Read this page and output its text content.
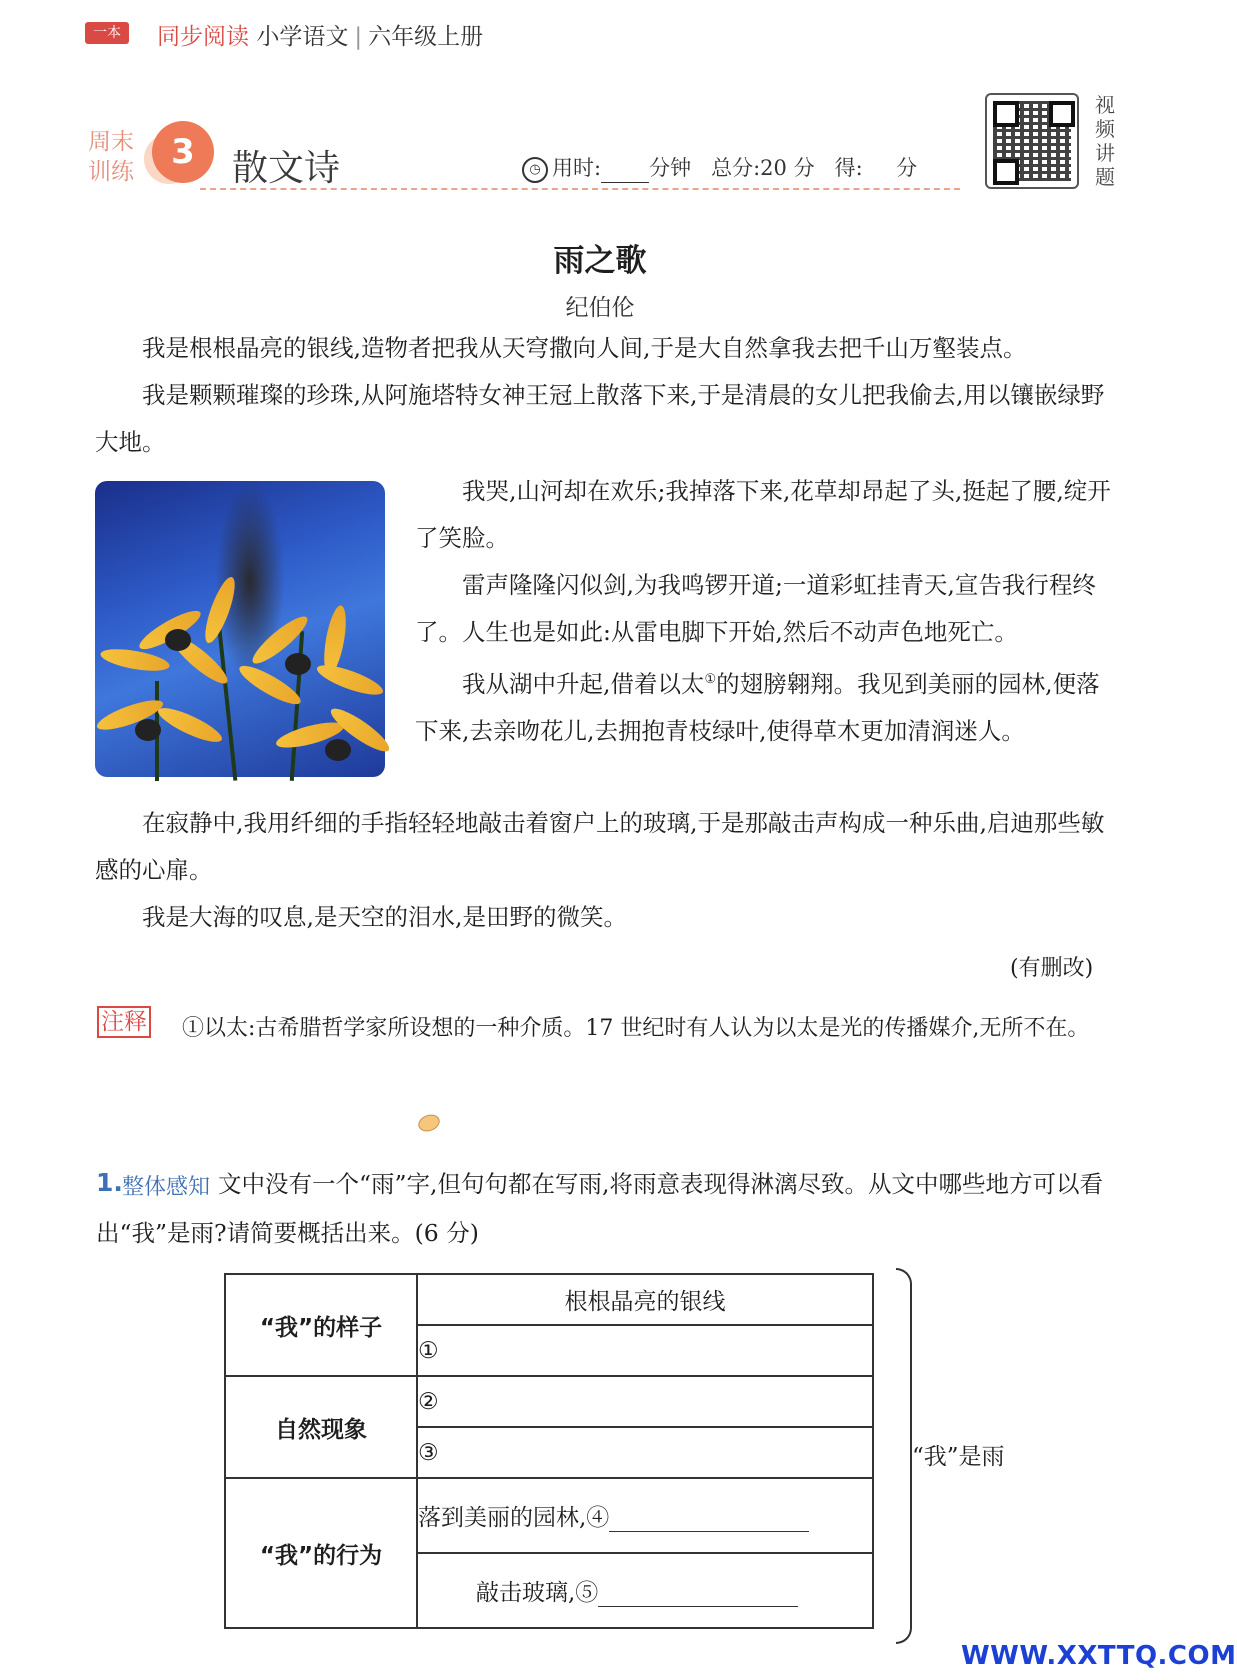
一本	同步阅读 小学语文 | 六年级上册
周末
训练	3	散文诗	◷ 用时: 分钟 总分:20 分 得: 分
视频讲题
雨之歌
纪伯伦

我是根根晶亮的银线,造物者把我从天穹撒向人间,于是大自然拿我去把千山万壑装点。

我是颗颗璀璨的珍珠,从阿施塔特女神王冠上散落下来,于是清晨的女儿把我偷去,用以镶嵌绿野大地。

我哭,山河却在欢乐;我掉落下来,花草却昂起了头,挺起了腰,绽开了笑脸。

雷声隆隆闪似剑,为我鸣锣开道;一道彩虹挂青天,宣告我行程终了。人生也是如此:从雷电脚下开始,然后不动声色地死亡。

我从湖中升起,借着以太①的翅膀翱翔。我见到美丽的园林,便落下来,去亲吻花儿,去拥抱青枝绿叶,使得草木更加清润迷人。

在寂静中,我用纤细的手指轻轻地敲击着窗户上的玻璃,于是那敲击声构成一种乐曲,启迪那些敏感的心扉。

我是大海的叹息,是天空的泪水,是田野的微笑。

(有删改)
注释	①以太:古希腊哲学家所设想的一种介质。17 世纪时有人认为以太是光的传播媒介,无所不在。

1. 整体感知 文中没有一个“雨”字,但句句都在写雨,将雨意表现得淋漓尽致。从文中哪些地方可以看出“我”是雨?请简要概括出来。(6 分)

“我”的样子	根根晶亮的银线
	①
自然现象	②
	③
“我”的行为	落到美丽的园林,④
	敲击玻璃,⑤
“我”是雨
WWW.XXTTQ.COM
